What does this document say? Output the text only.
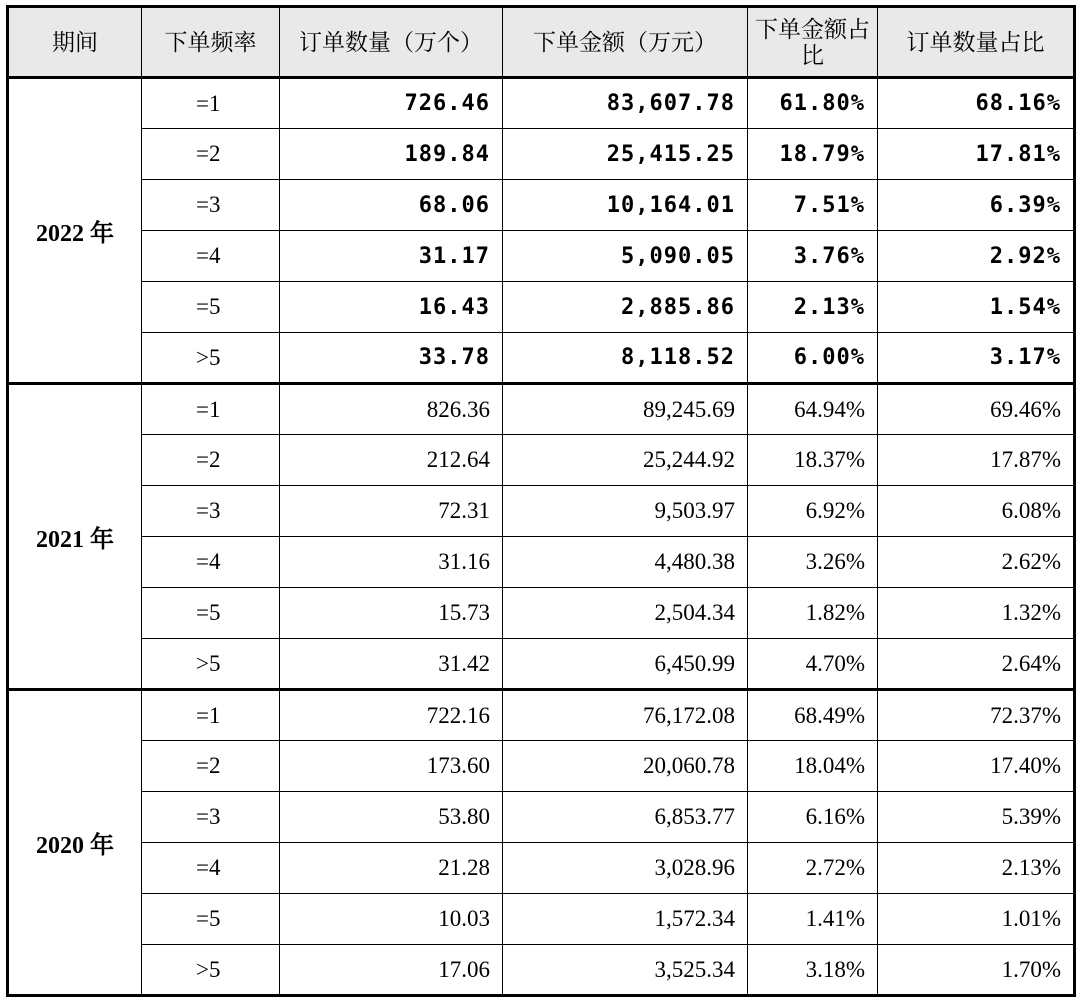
期间	下单频率	订单数量（万个）	下单金额（万元）	下单金额占比	订单数量占比
2022 年	=1	726.46	83,607.78	61.80%	68.16%
	=2	189.84	25,415.25	18.79%	17.81%
	=3	68.06	10,164.01	7.51%	6.39%
	=4	31.17	5,090.05	3.76%	2.92%
	=5	16.43	2,885.86	2.13%	1.54%
	>5	33.78	8,118.52	6.00%	3.17%
2021 年	=1	826.36	89,245.69	64.94%	69.46%
	=2	212.64	25,244.92	18.37%	17.87%
	=3	72.31	9,503.97	6.92%	6.08%
	=4	31.16	4,480.38	3.26%	2.62%
	=5	15.73	2,504.34	1.82%	1.32%
	>5	31.42	6,450.99	4.70%	2.64%
2020 年	=1	722.16	76,172.08	68.49%	72.37%
	=2	173.60	20,060.78	18.04%	17.40%
	=3	53.80	6,853.77	6.16%	5.39%
	=4	21.28	3,028.96	2.72%	2.13%
	=5	10.03	1,572.34	1.41%	1.01%
	>5	17.06	3,525.34	3.18%	1.70%
